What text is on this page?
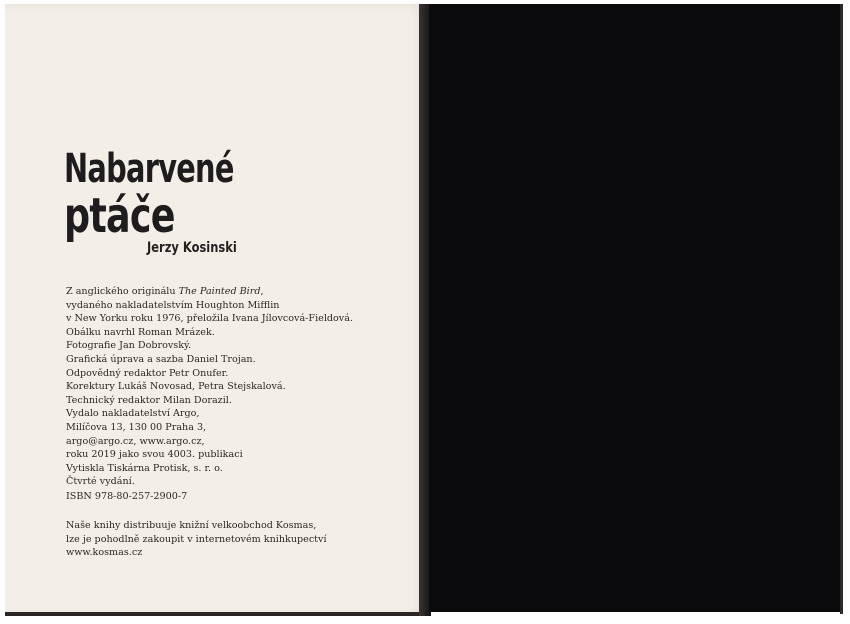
Nabarvené
ptáče
Jerzy Kosinski
Z anglického originálu The Painted Bird,
vydaného nakladatelstvím Houghton Mifflin
v New Yorku roku 1976, přeložila Ivana Jílovcová-Fieldová.
Obálku navrhl Roman Mrázek.
Fotografie Jan Dobrovský.
Grafická úprava a sazba Daniel Trojan.
Odpovědný redaktor Petr Onufer.
Korektury Lukáš Novosad, Petra Stejskalová.
Technický redaktor Milan Dorazil.
Vydalo nakladatelství Argo,
Milíčova 13, 130 00 Praha 3,
argo@argo.cz, www.argo.cz,
roku 2019 jako svou 4003. publikaci
Vytiskla Tiskárna Protisk, s. r. o.
Čtvrté vydání.
ISBN 978-80-257-2900-7
Naše knihy distribuuje knižní velkoobchod Kosmas,
lze je pohodlně zakoupit v internetovém knihkupectví
www.kosmas.cz
